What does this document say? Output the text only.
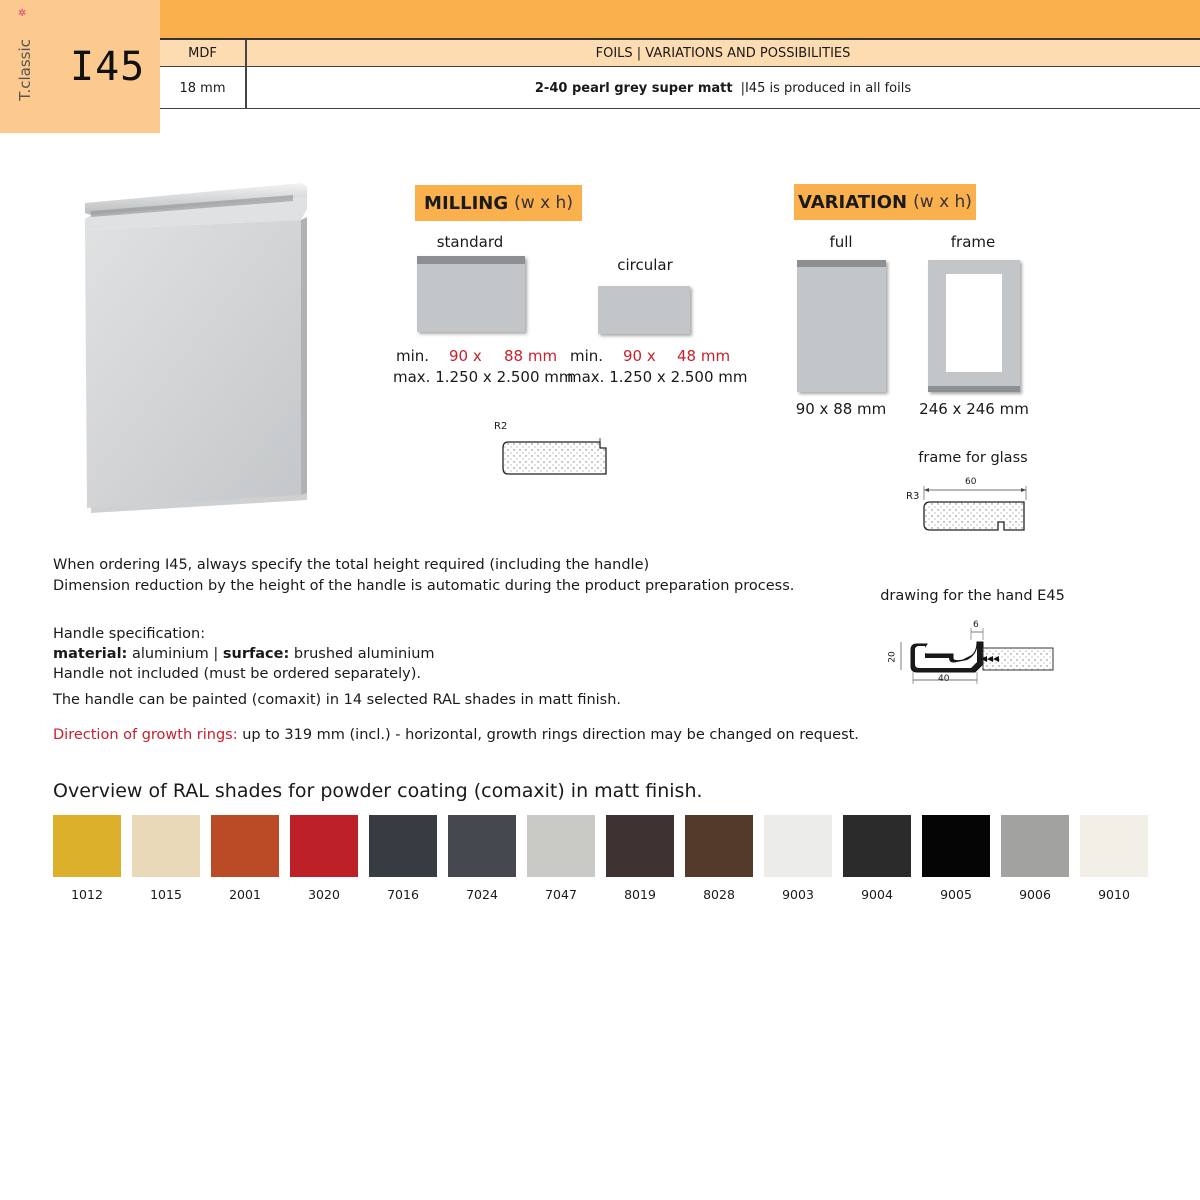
✲
T.classic I45	MDF	FOILS | VARIATIONS AND POSSIBILITIES
18 mm	2-40 pearl grey super matt |I45 is produced in all foils
MILLING (w x h)
standard
circular
min. 90 x 88 mm
max. 1.250 x 2.500 mm
min. 90 x 48 mm
max. 1.250 x 2.500 mm
R2
VARIATION (w x h)
full
90 x 88 mm
frame
246 x 246 mm
frame for glass
R3
60
drawing for the hand E45
6
20
40
When ordering I45, always specify the total height required (including the handle)
Dimension reduction by the height of the handle is automatic during the product preparation process.
Handle specification:
material: aluminium | surface: brushed aluminium
Handle not included (must be ordered separately).
The handle can be painted (comaxit) in 14 selected RAL shades in matt finish.
Direction of growth rings: up to 319 mm (incl.) - horizontal, growth rings direction may be changed on request.
Overview of RAL shades for powder coating (comaxit) in matt finish.
1012	1015	2001	3020	7016	7024	7047	8019	8028	9003	9004	9005	9006	9010
